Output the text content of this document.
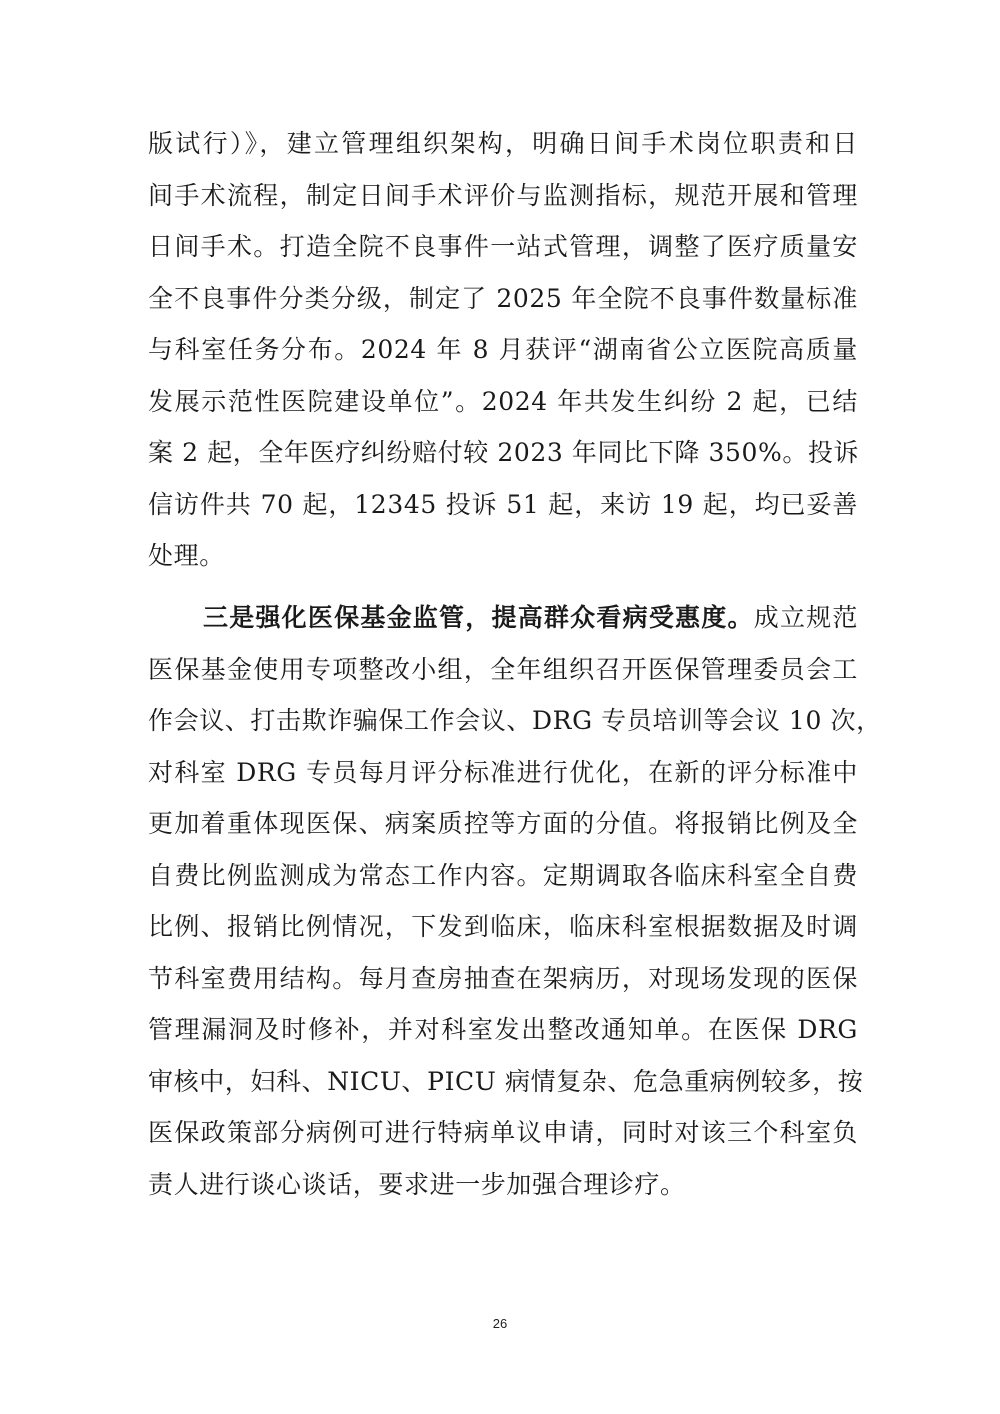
版试行）》，建立管理组织架构，明确日间手术岗位职责和日
间手术流程，制定日间手术评价与监测指标，规范开展和管理
日间手术。打造全院不良事件一站式管理，调整了医疗质量安
全不良事件分类分级，制定了 2025 年全院不良事件数量标准
与科室任务分布。2024 年 8 月获评“湖南省公立医院高质量
发展示范性医院建设单位”。2024 年共发生纠纷 2 起，已结
案 2 起，全年医疗纠纷赔付较 2023 年同比下降 350%。投诉
信访件共 70 起，12345 投诉 51 起，来访 19 起，均已妥善
处理。
三是强化医保基金监管，提高群众看病受惠度。成立规范
医保基金使用专项整改小组，全年组织召开医保管理委员会工
作会议、打击欺诈骗保工作会议、DRG 专员培训等会议 10 次，
对科室 DRG 专员每月评分标准进行优化，在新的评分标准中
更加着重体现医保、病案质控等方面的分值。将报销比例及全
自费比例监测成为常态工作内容。定期调取各临床科室全自费
比例、报销比例情况，下发到临床，临床科室根据数据及时调
节科室费用结构。每月查房抽查在架病历，对现场发现的医保
管理漏洞及时修补，并对科室发出整改通知单。在医保 DRG
审核中，妇科、NICU、PICU 病情复杂、危急重病例较多，按
医保政策部分病例可进行特病单议申请，同时对该三个科室负
责人进行谈心谈话，要求进一步加强合理诊疗。
26
